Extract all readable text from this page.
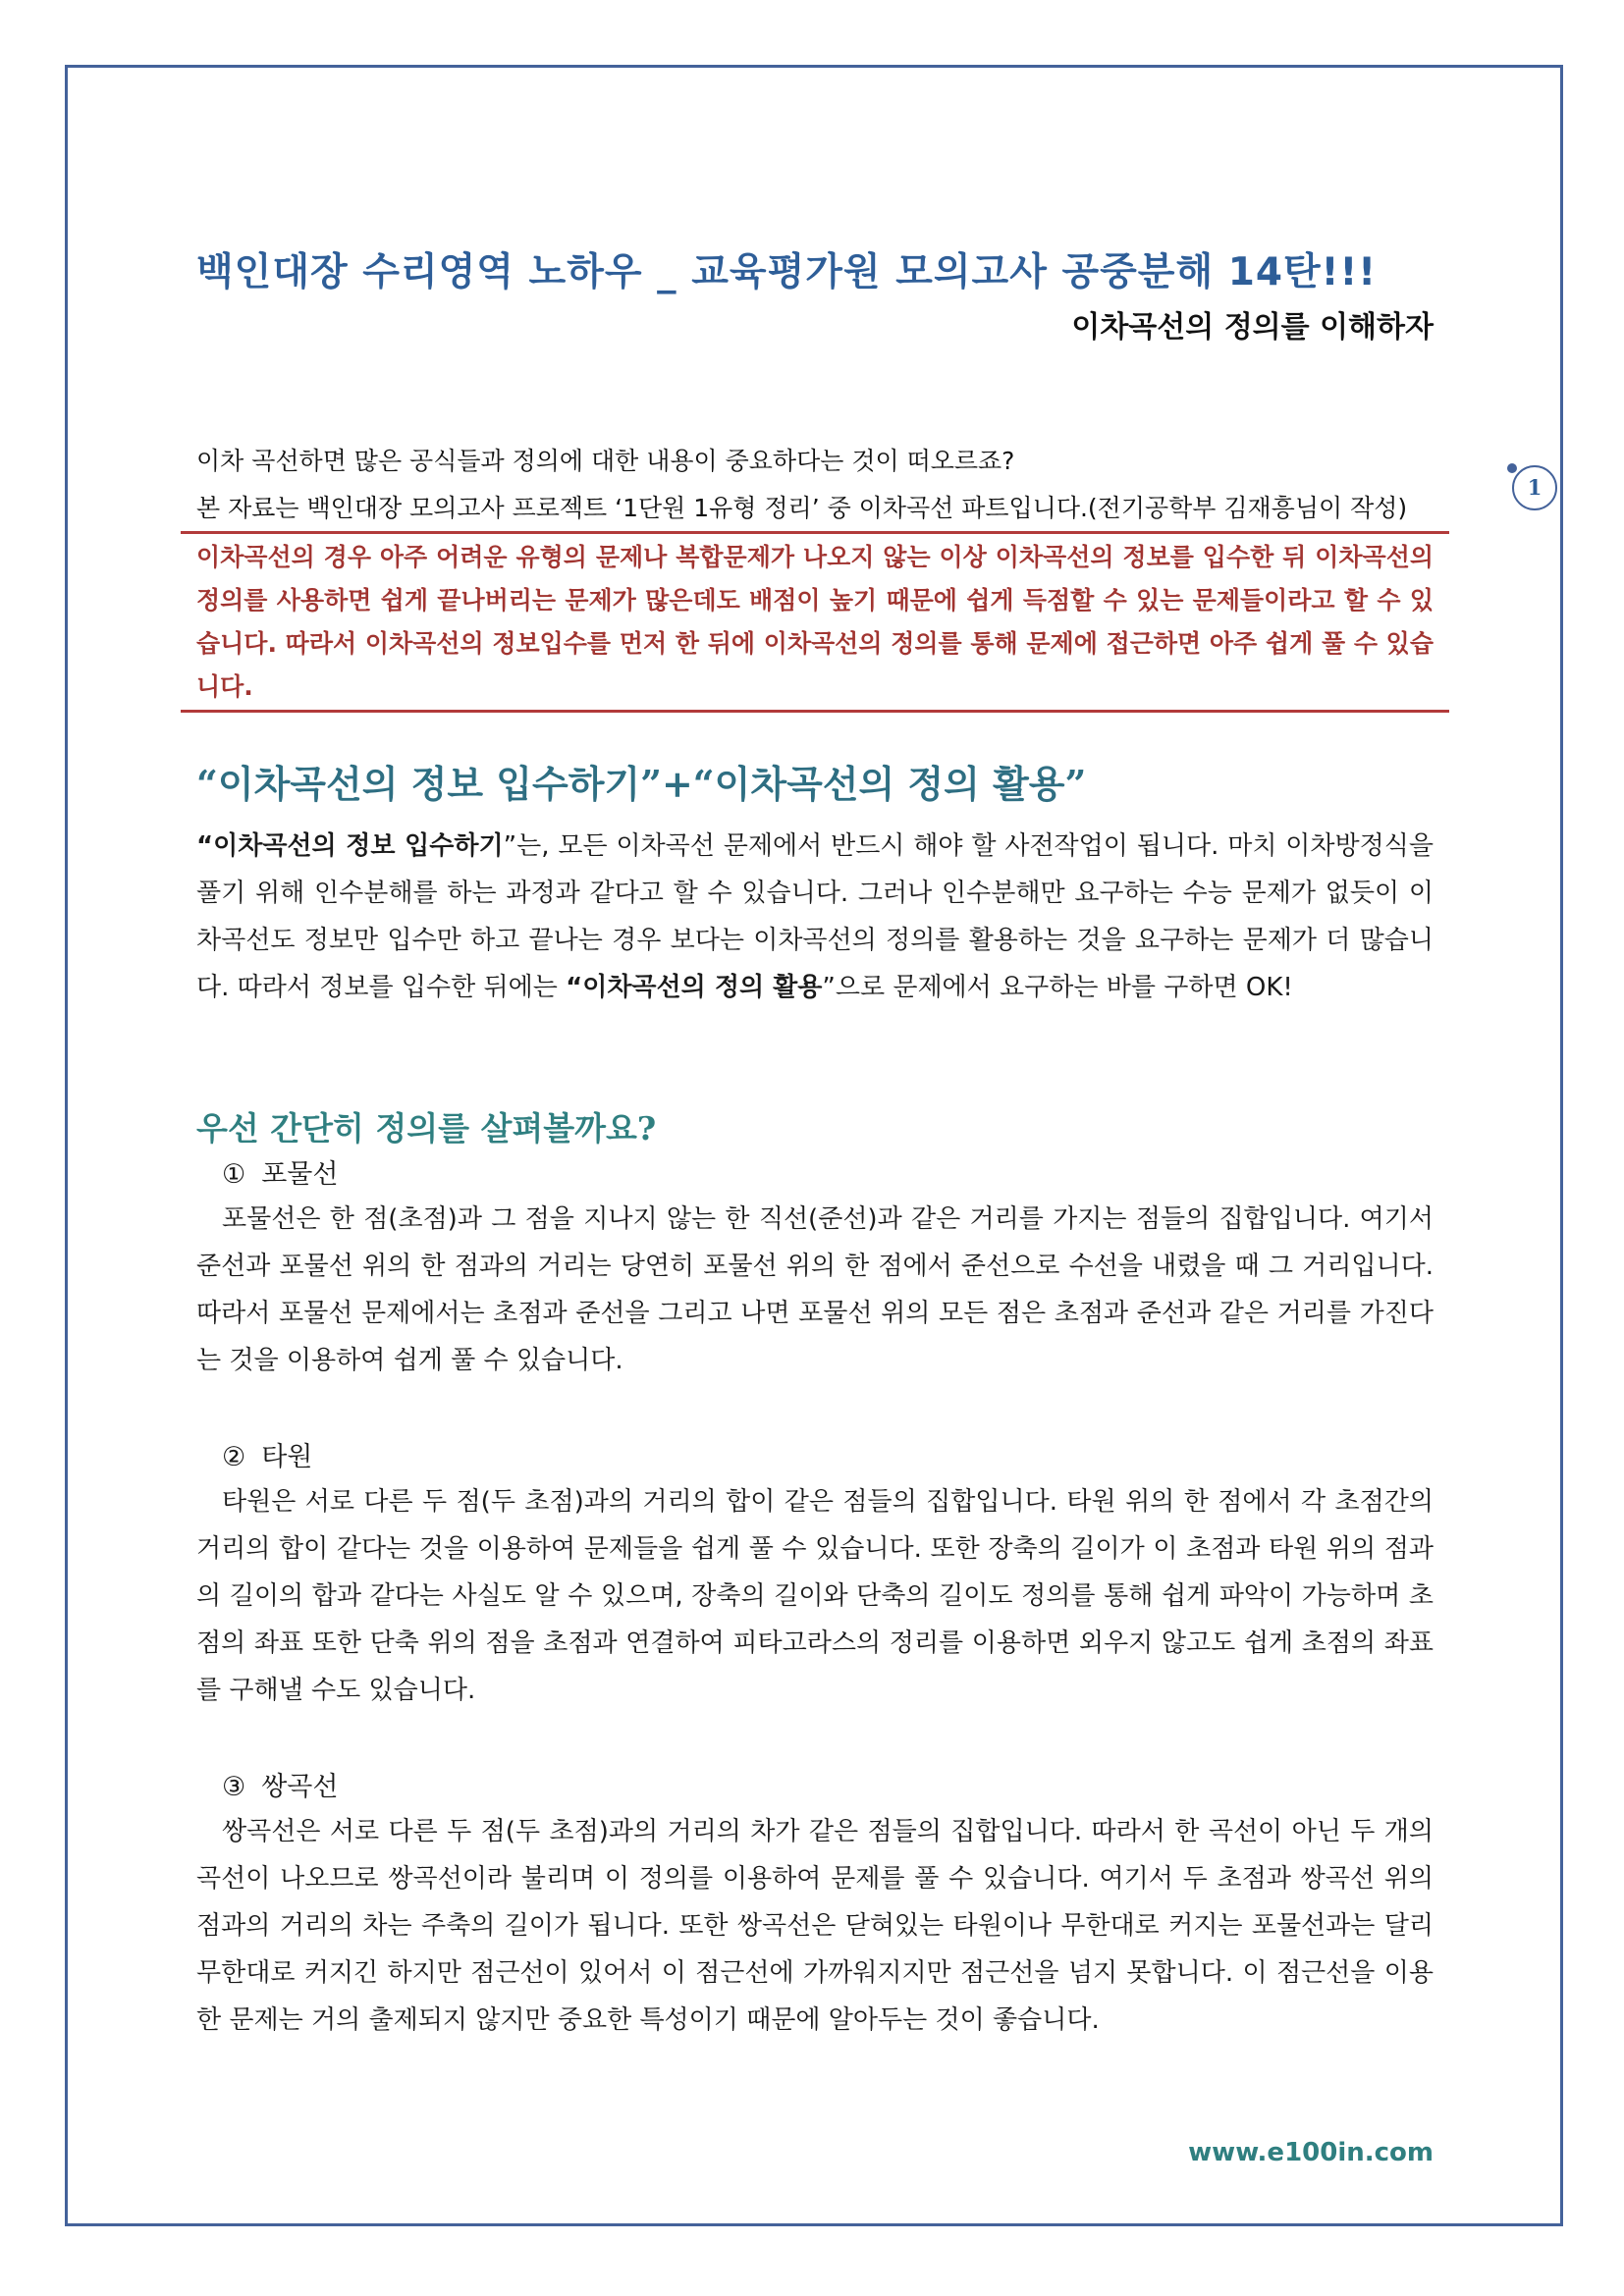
백인대장 수리영역 노하우 _ 교육평가원 모의고사 공중분해 14탄!!!
이차곡선의 정의를 이해하자
1

이차 곡선하면 많은 공식들과 정의에 대한 내용이 중요하다는 것이 떠오르죠?

본 자료는 백인대장 모의고사 프로젝트 ‘1단원 1유형 정리’ 중 이차곡선 파트입니다.(전기공학부 김재흥님이 작성)

이차곡선의 경우 아주 어려운 유형의 문제나 복합문제가 나오지 않는 이상 이차곡선의 정보를 입수한 뒤 이차곡선의 정의를 사용하면 쉽게 끝나버리는 문제가 많은데도 배점이 높기 때문에 쉽게 득점할 수 있는 문제들이라고 할 수 있습니다. 따라서 이차곡선의 정보입수를 먼저 한 뒤에 이차곡선의 정의를 통해 문제에 접근하면 아주 쉽게 풀 수 있습니다.

“이차곡선의 정보 입수하기”+“이차곡선의 정의 활용”

“이차곡선의 정보 입수하기”는, 모든 이차곡선 문제에서 반드시 해야 할 사전작업이 됩니다. 마치 이차방정식을 풀기 위해 인수분해를 하는 과정과 같다고 할 수 있습니다. 그러나 인수분해만 요구하는 수능 문제가 없듯이 이차곡선도 정보만 입수만 하고 끝나는 경우 보다는 이차곡선의 정의를 활용하는 것을 요구하는 문제가 더 많습니다. 따라서 정보를 입수한 뒤에는 “이차곡선의 정의 활용”으로 문제에서 요구하는 바를 구하면 OK!

우선 간단히 정의를 살펴볼까요?

① 포물선

포물선은 한 점(초점)과 그 점을 지나지 않는 한 직선(준선)과 같은 거리를 가지는 점들의 집합입니다. 여기서 준선과 포물선 위의 한 점과의 거리는 당연히 포물선 위의 한 점에서 준선으로 수선을 내렸을 때 그 거리입니다. 따라서 포물선 문제에서는 초점과 준선을 그리고 나면 포물선 위의 모든 점은 초점과 준선과 같은 거리를 가진다는 것을 이용하여 쉽게 풀 수 있습니다.

② 타원

타원은 서로 다른 두 점(두 초점)과의 거리의 합이 같은 점들의 집합입니다. 타원 위의 한 점에서 각 초점간의 거리의 합이 같다는 것을 이용하여 문제들을 쉽게 풀 수 있습니다. 또한 장축의 길이가 이 초점과 타원 위의 점과의 길이의 합과 같다는 사실도 알 수 있으며, 장축의 길이와 단축의 길이도 정의를 통해 쉽게 파악이 가능하며 초점의 좌표 또한 단축 위의 점을 초점과 연결하여 피타고라스의 정리를 이용하면 외우지 않고도 쉽게 초점의 좌표를 구해낼 수도 있습니다.

③ 쌍곡선

쌍곡선은 서로 다른 두 점(두 초점)과의 거리의 차가 같은 점들의 집합입니다. 따라서 한 곡선이 아닌 두 개의 곡선이 나오므로 쌍곡선이라 불리며 이 정의를 이용하여 문제를 풀 수 있습니다. 여기서 두 초점과 쌍곡선 위의 점과의 거리의 차는 주축의 길이가 됩니다. 또한 쌍곡선은 닫혀있는 타원이나 무한대로 커지는 포물선과는 달리 무한대로 커지긴 하지만 점근선이 있어서 이 점근선에 가까워지지만 점근선을 넘지 못합니다. 이 점근선을 이용한 문제는 거의 출제되지 않지만 중요한 특성이기 때문에 알아두는 것이 좋습니다.

www.e100in.com
